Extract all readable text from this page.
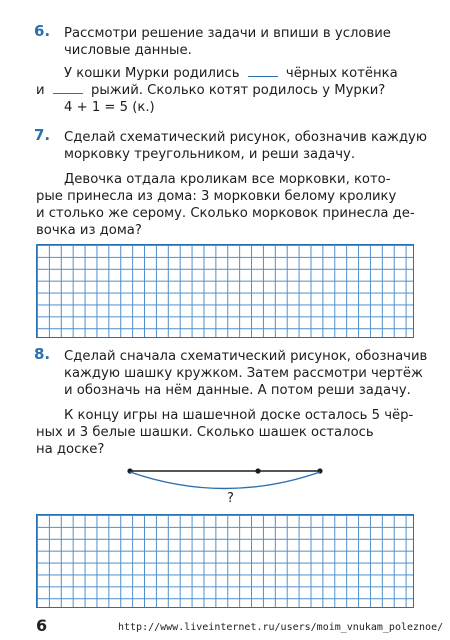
6. Рассмотри решение задачи и впиши в условие
числовые данные.
У кошки Мурки родились	чёрных котёнка
и	рыжий. Сколько котят родилось у Мурки?
4 + 1 = 5 (к.)
7. Сделай схематический рисунок, обозначив каждую
морковку треугольником, и реши задачу.
Девочка отдала кроликам все морковки, кото-
рые принесла из дома: 3 морковки белому кролику
и столько же серому. Сколько морковок принесла де-
вочка из дома?
8. Сделай сначала схематический рисунок, обозначив
каждую шашку кружком. Затем рассмотри чертёж
и обозначь на нём данные. А потом реши задачу.
К концу игры на шашечной доске осталось 5 чёр-
ных и 3 белые шашки. Сколько шашек осталось
на доске?
?
6	http://www.liveinternet.ru/users/moim_vnukam_poleznoe/
